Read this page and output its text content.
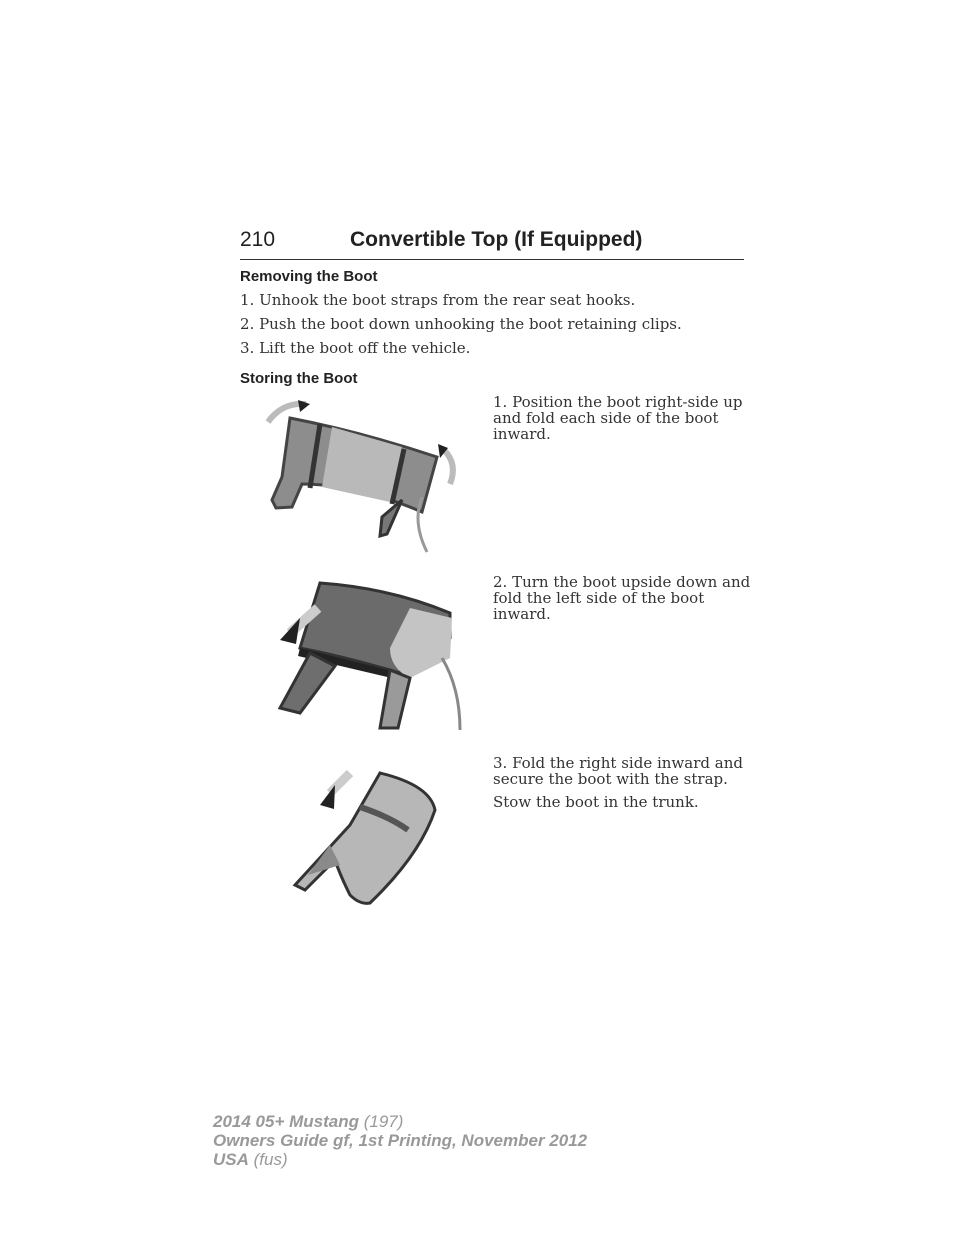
210	Convertible Top (If Equipped)
Removing the Boot
1. Unhook the boot straps from the rear seat hooks.
2. Push the boot down unhooking the boot retaining clips.
3. Lift the boot off the vehicle.
Storing the Boot
1. Position the boot right-side up and fold each side of the boot inward.
2. Turn the boot upside down and fold the left side of the boot inward.
3. Fold the right side inward and secure the boot with the strap.
Stow the boot in the trunk.
2014 05+ Mustang (197)
Owners Guide gf, 1st Printing, November 2012
USA (fus)
